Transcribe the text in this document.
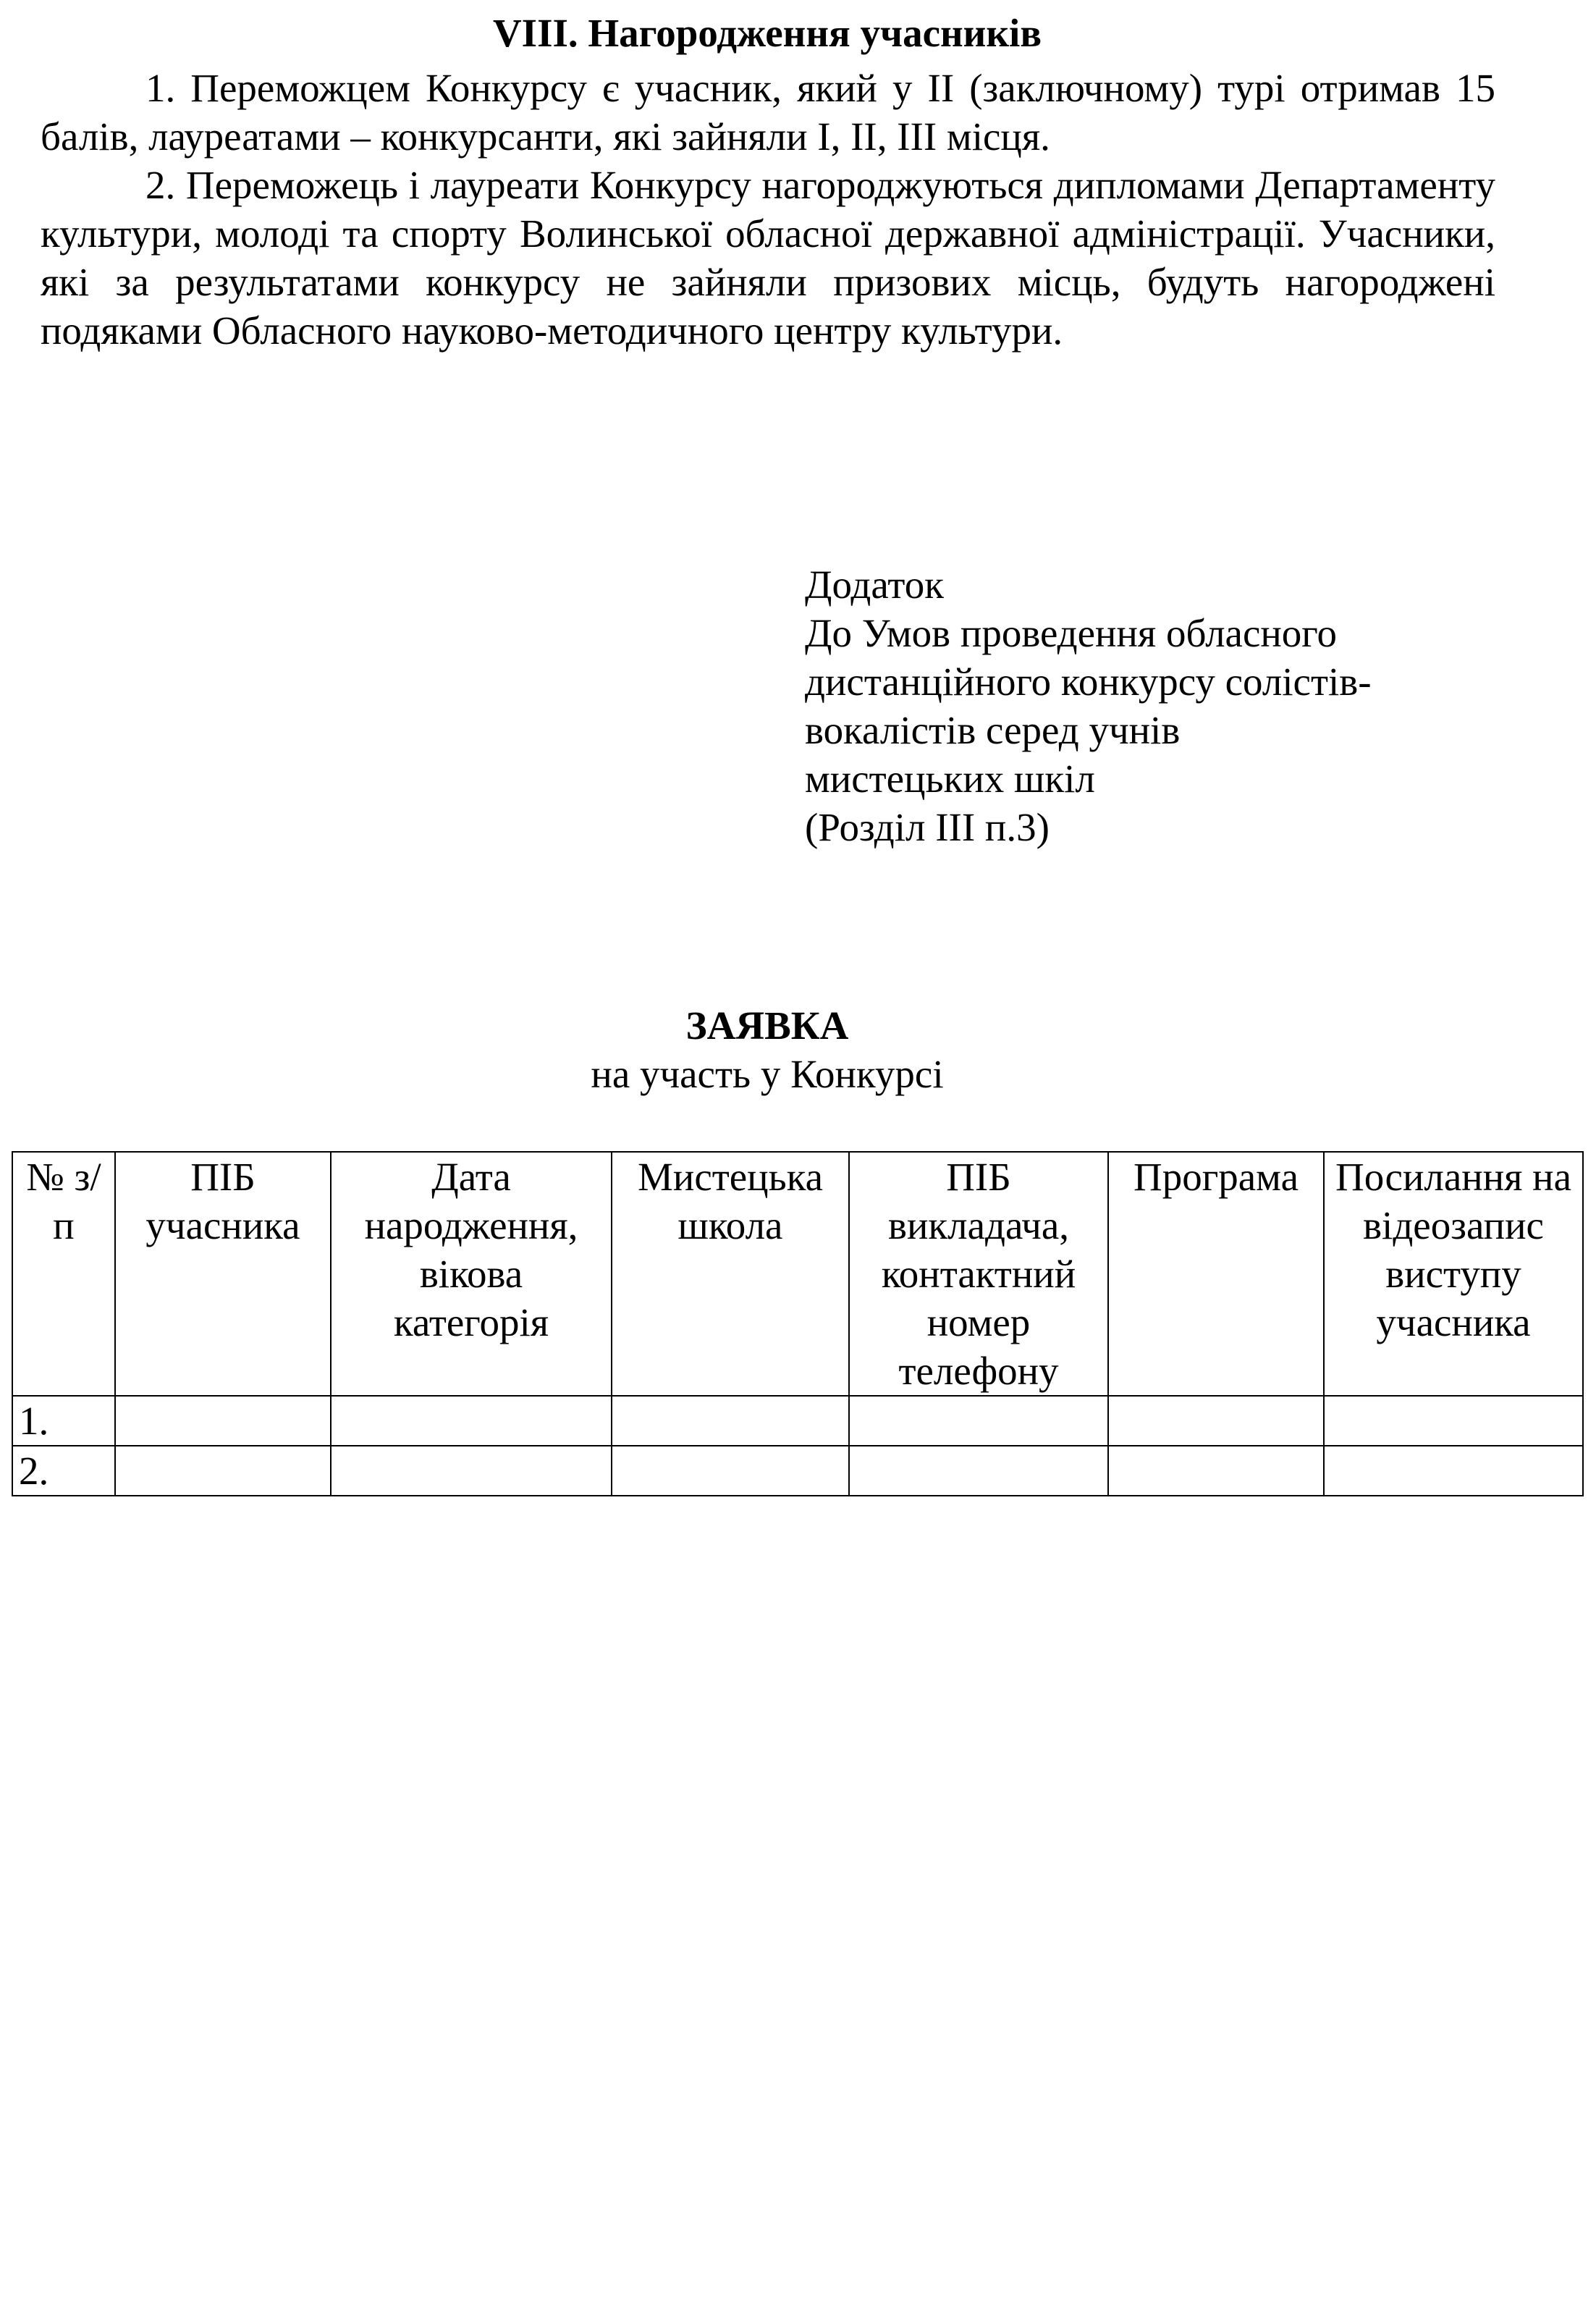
VIII. Нагородження учасників

1. Переможцем Конкурсу є учасник, який у ІІ (заключному) турі отримав 15 балів, лауреатами – конкурсанти, які зайняли І, ІІ, ІІІ місця.

2. Переможець і лауреати Конкурсу нагороджуються дипломами Департаменту культури, молоді та спорту Волинської обласної державної адміністрації. Учасники, які за результатами конкурсу не зайняли призових місць, будуть нагороджені подяками Обласного науково-методичного центру культури.

Додаток
До Умов проведення обласного
дистанційного конкурсу солістів-
вокалістів серед учнів
мистецьких шкіл
(Розділ ІІІ п.3)
ЗАЯВКА
на участь у Конкурсі
№ з/п	ПІБ учасника	Дата народження, вікова категорія	Мистецька школа	ПІБ викладача, контактний номер телефону	Програма	Посилання на відеозапис виступу учасника
1.						
2.						
